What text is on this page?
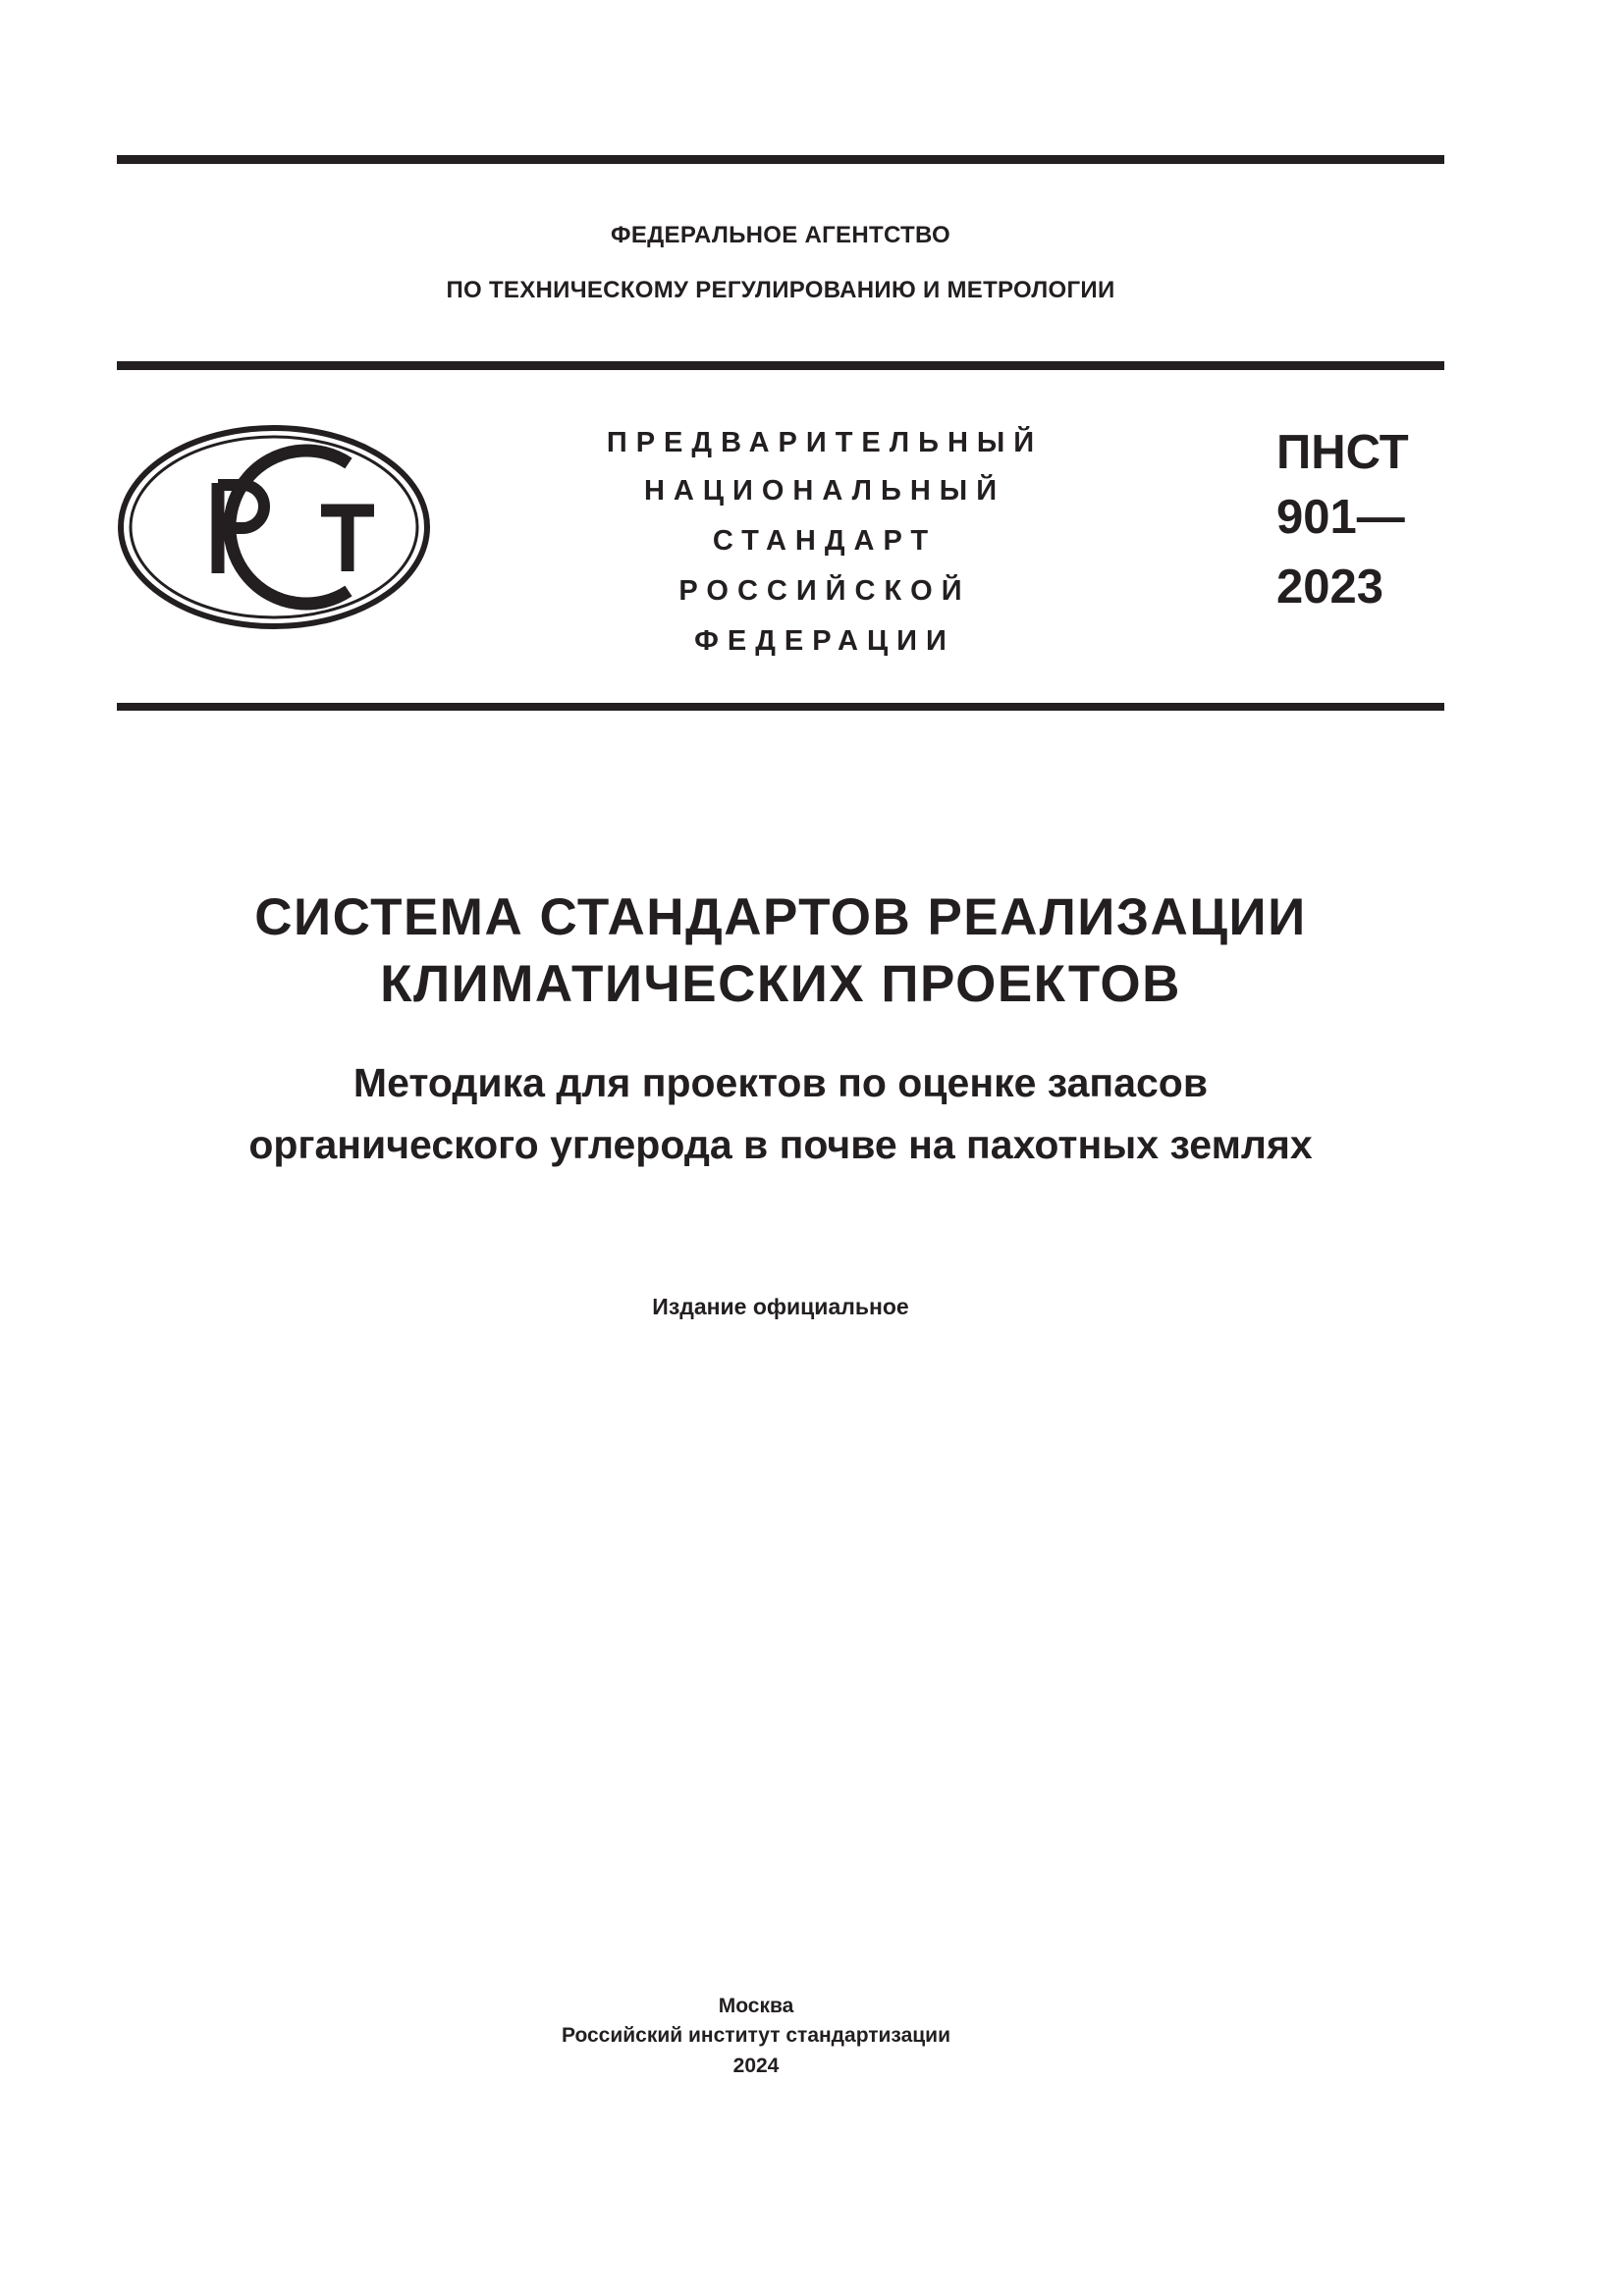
ФЕДЕРАЛЬНОЕ АГЕНТСТВО
ПО ТЕХНИЧЕСКОМУ РЕГУЛИРОВАНИЮ И МЕТРОЛОГИИ
ПРЕДВАРИТЕЛЬНЫЙ
НАЦИОНАЛЬНЫЙ
СТАНДАРТ
РОССИЙСКОЙ
ФЕДЕРАЦИИ
ПНСТ
901—
2023
СИСТЕМА СТАНДАРТОВ РЕАЛИЗАЦИИ
КЛИМАТИЧЕСКИХ ПРОЕКТОВ
Методика для проектов по оценке запасов
органического углерода в почве на пахотных землях
Издание официальное
Москва
Российский институт стандартизации
2024
